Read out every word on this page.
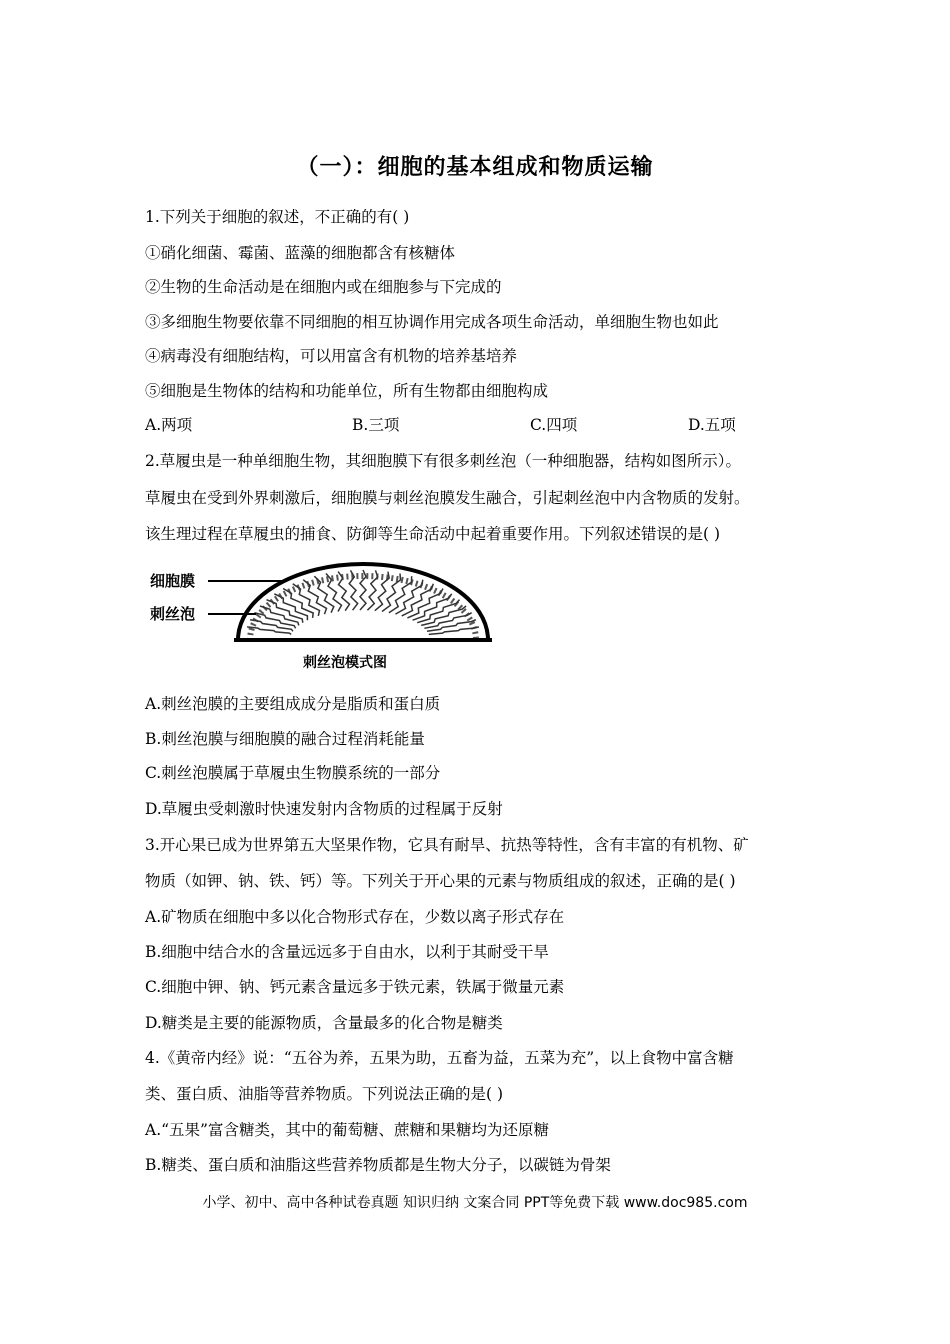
（一）：细胞的基本组成和物质运输
1.下列关于细胞的叙述，不正确的有( )
①硝化细菌、霉菌、蓝藻的细胞都含有核糖体
②生物的生命活动是在细胞内或在细胞参与下完成的
③多细胞生物要依靠不同细胞的相互协调作用完成各项生命活动，单细胞生物也如此
④病毒没有细胞结构，可以用富含有机物的培养基培养
⑤细胞是生物体的结构和功能单位，所有生物都由细胞构成
A.两项	B.三项	C.四项	D.五项
2.草履虫是一种单细胞生物，其细胞膜下有很多刺丝泡（一种细胞器，结构如图所示）。
草履虫在受到外界刺激后，细胞膜与刺丝泡膜发生融合，引起刺丝泡中内含物质的发射。
该生理过程在草履虫的捕食、防御等生命活动中起着重要作用。下列叙述错误的是( )
细胞膜
刺丝泡
刺丝泡模式图
A.刺丝泡膜的主要组成成分是脂质和蛋白质
B.刺丝泡膜与细胞膜的融合过程消耗能量
C.刺丝泡膜属于草履虫生物膜系统的一部分
D.草履虫受刺激时快速发射内含物质的过程属于反射
3.开心果已成为世界第五大坚果作物，它具有耐旱、抗热等特性，含有丰富的有机物、矿
物质（如钾、钠、铁、钙）等。下列关于开心果的元素与物质组成的叙述，正确的是( )
A.矿物质在细胞中多以化合物形式存在，少数以离子形式存在
B.细胞中结合水的含量远远多于自由水，以利于其耐受干旱
C.细胞中钾、钠、钙元素含量远多于铁元素，铁属于微量元素
D.糖类是主要的能源物质，含量最多的化合物是糖类
4.《黄帝内经》说：“五谷为养，五果为助，五畜为益，五菜为充”，以上食物中富含糖
类、蛋白质、油脂等营养物质。下列说法正确的是( )
A.“五果”富含糖类，其中的葡萄糖、蔗糖和果糖均为还原糖
B.糖类、蛋白质和油脂这些营养物质都是生物大分子，以碳链为骨架
小学、初中、高中各种试卷真题 知识归纳 文案合同 PPT等免费下载 www.doc985.com
